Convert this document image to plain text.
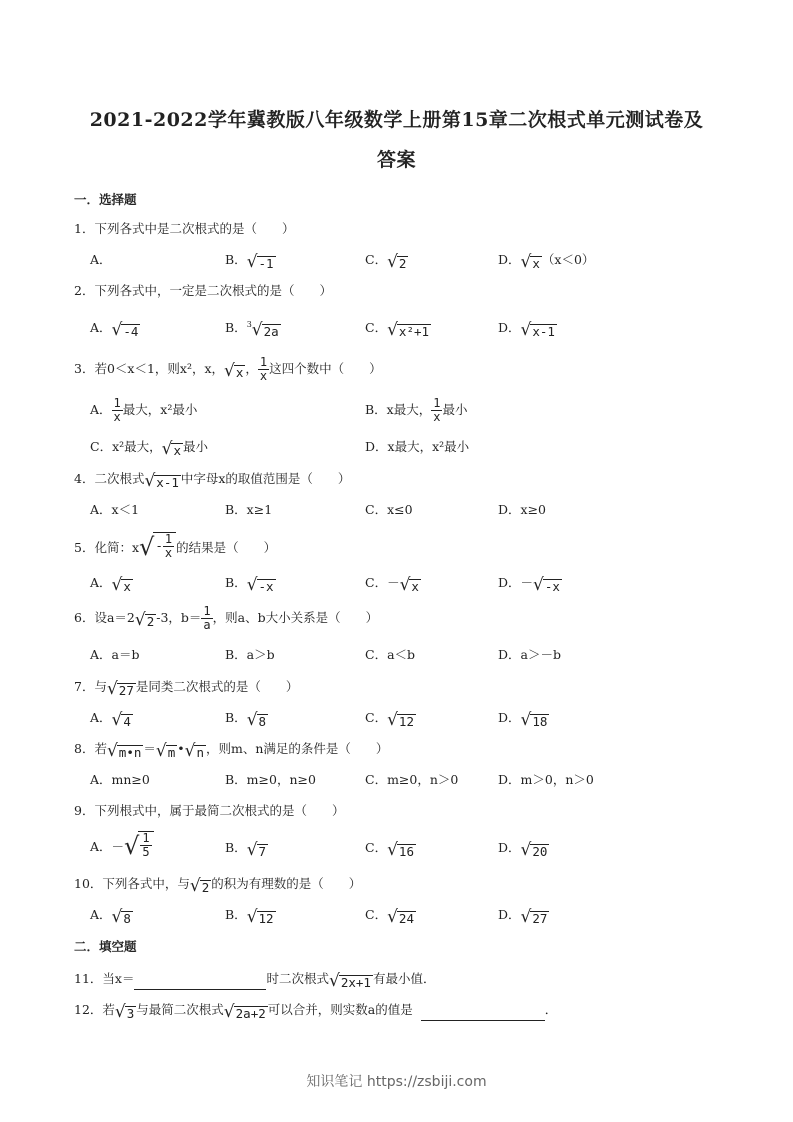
2021-2022学年冀教版八年级数学上册第15章二次根式单元测试卷及
答案
一．选择题
1．下列各式中是二次根式的是（　　）
A．	B． √ -1	C． √ 2	D． √ x （x＜0）
2．下列各式中，一定是二次根式的是（　　）
A． √ -4	B．$^3$ √ 2a	C． √ x²+1	D． √ x-1
3．若0＜x＜1，则x²，x， √ x ， $\frac{1}{x}$ 这四个数中（　　）
A． $\frac{1}{x}$ 最大，x²最小	B．x最大， $\frac{1}{x}$ 最小
C．x²最大， √ x 最小	D．x最大，x²最小
4．二次根式 √ x-1 中字母x的取值范围是（　　）
A．x＜1	B．x≥1	C．x≤0	D．x≥0
5．化简：x √ - $\frac{1}{x}$ 的结果是（　　）
A． √ x	B． √ -x	C．－ √ x	D．－ √ -x
6．设a＝2 √ 2 -3，$b= \frac{1}{a}$ ，则a、b大小关系是（　　）
A．a＝b	B．a＞b	C．a＜b	D．a＞－b
7．与 √ 27 是同类二次根式的是（　　）
A． √ 4	B． √ 8	C． √ 12	D． √ 18
8．若 √ m•n ＝ √ m • √ n ，则m、n满足的条件是（　　）
A．mn≥0	B．m≥0，n≥0	C．m≥0，n＞0	D．m＞0，n＞0
9．下列根式中，属于最简二次根式的是（　　）
A．－ √ $\frac{1}{5}$	B． √ 7	C． √ 16	D． √ 20
10．下列各式中，与 √ 2 的积为有理数的是（　　）
A． √ 8	B． √ 12	C． √ 24	D． √ 27
二．填空题
11．当x＝	时二次根式 √ 2x+1 有最小值．
12．若 √ 3 与最简二次根式 √ 2a+2 可以合并，则实数a的值是	．
知识笔记 https://zsbiji.com
